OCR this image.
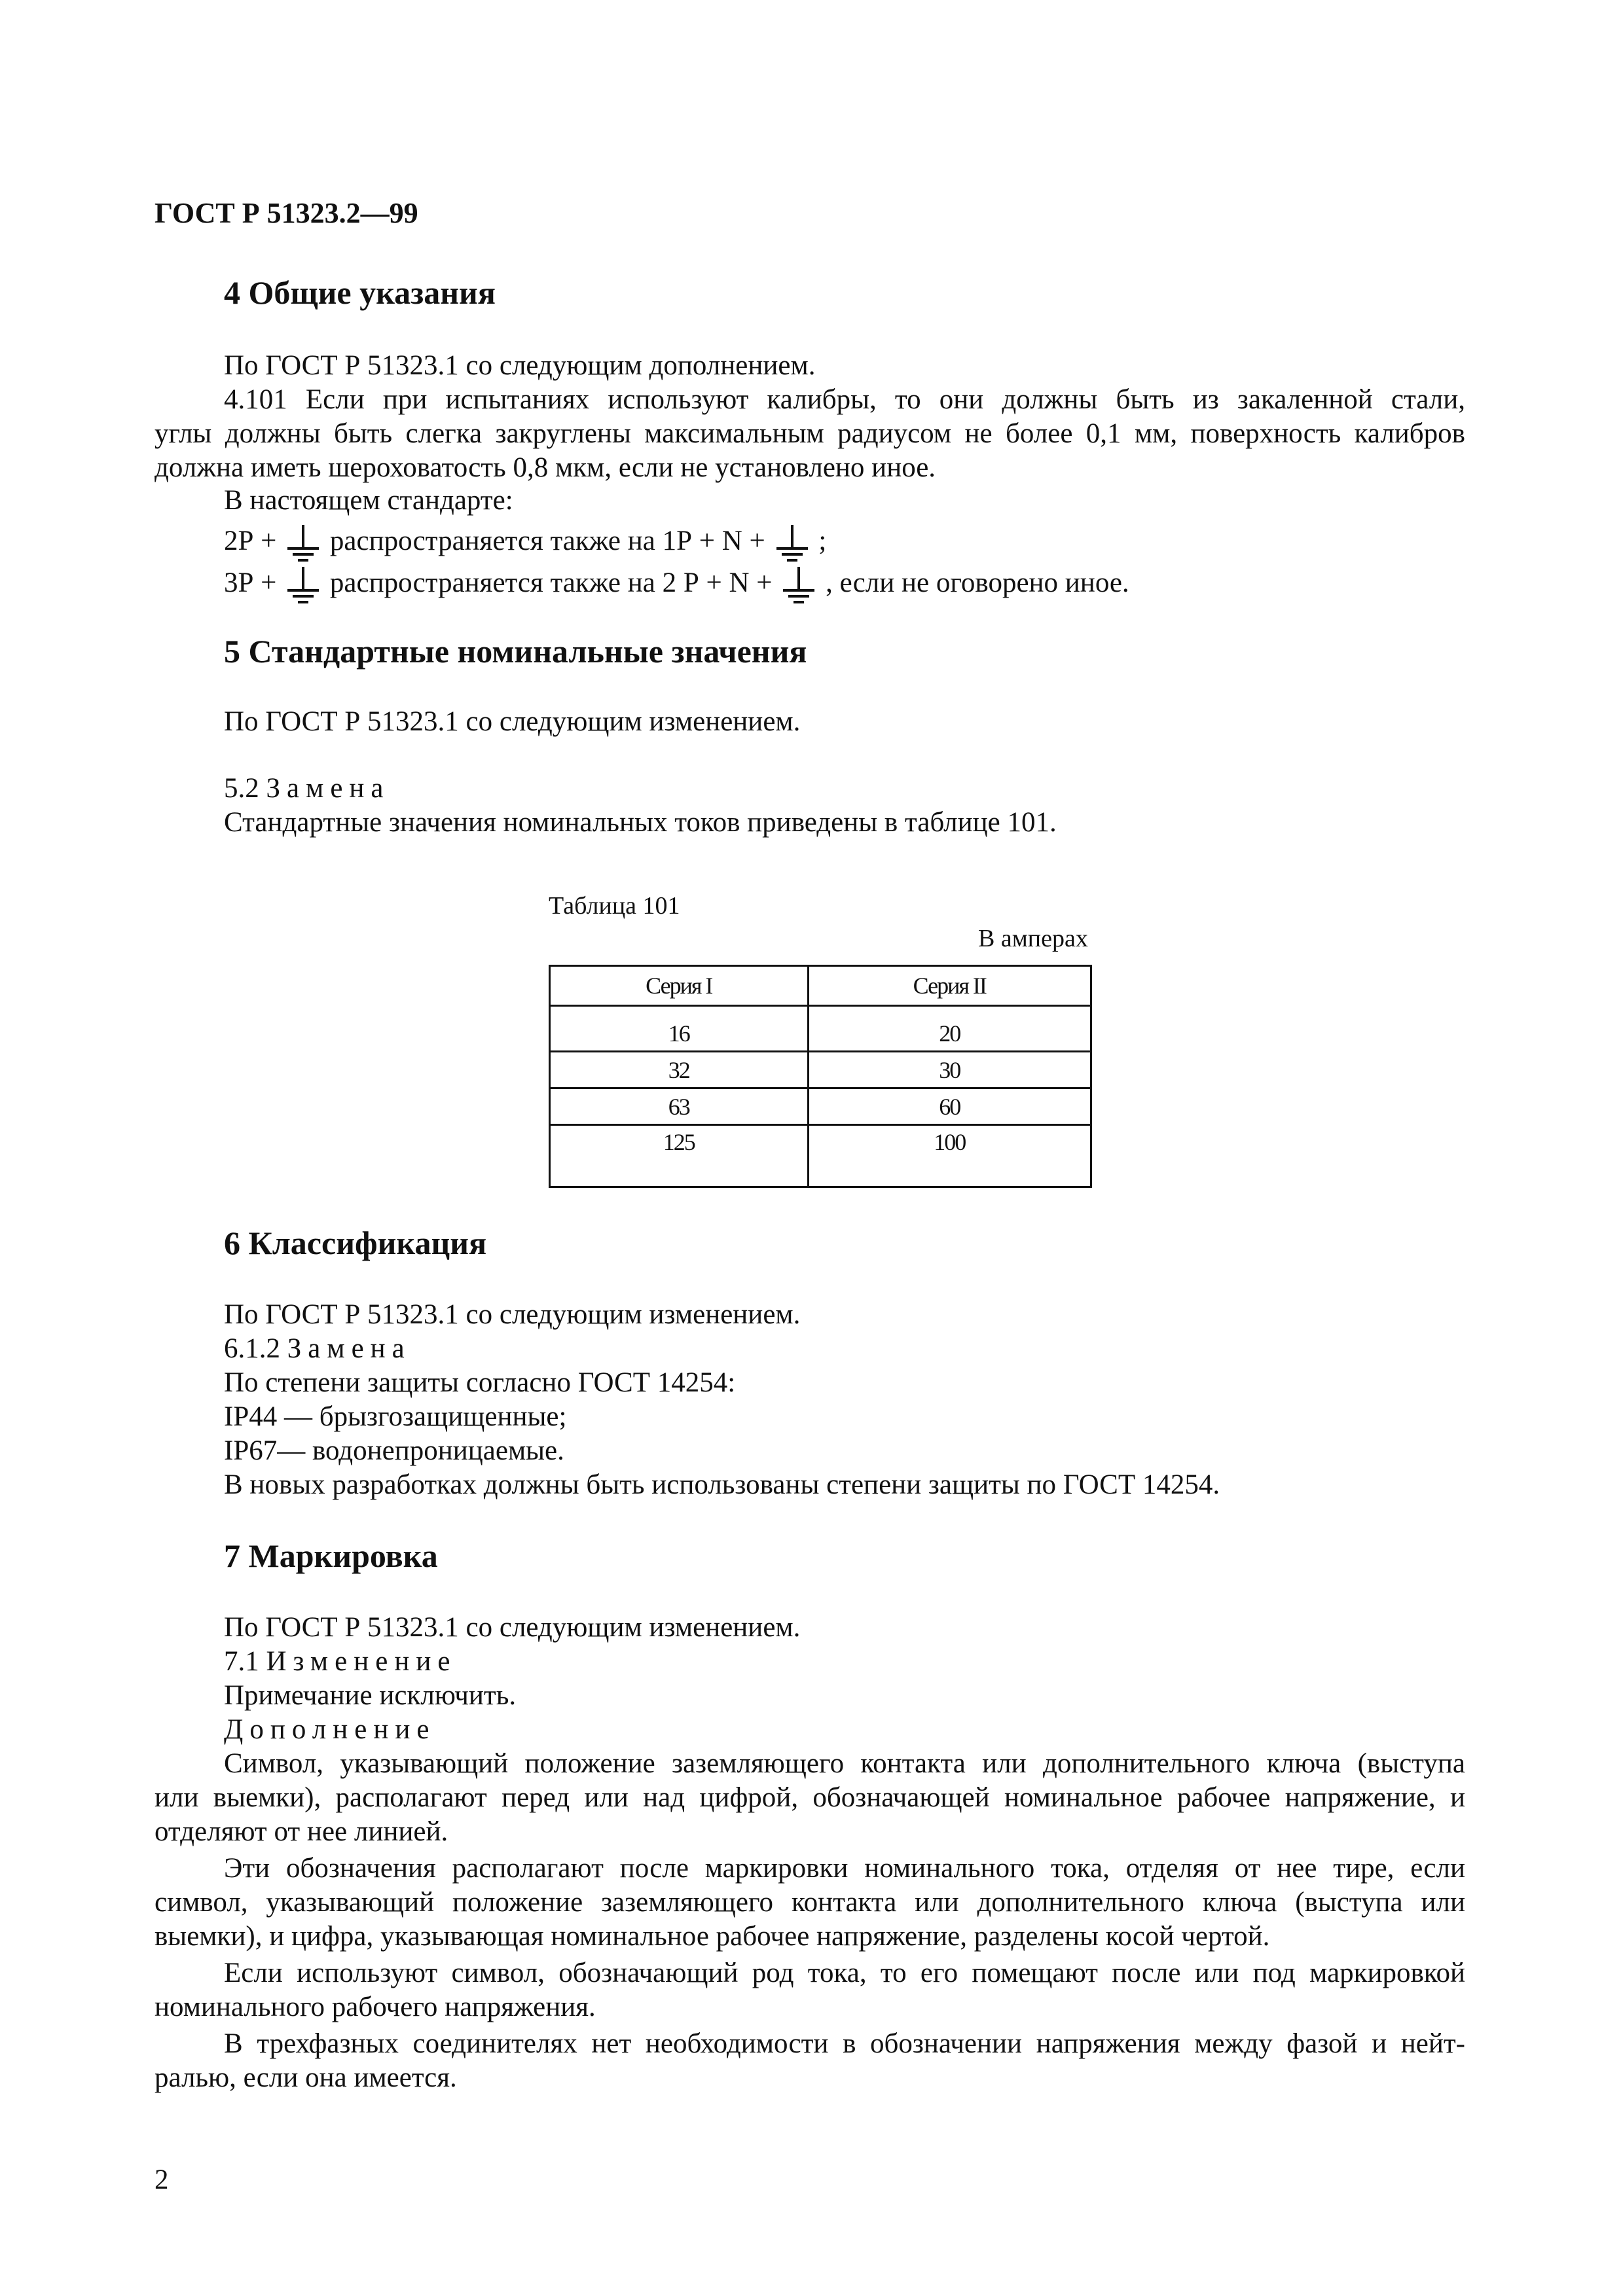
ГОСТ Р 51323.2—99
4 Общие указания
По ГОСТ Р 51323.1 со следующим дополнением.
4.101 Если при испытаниях используют калибры, то они должны быть из закаленной стали,
углы должны быть слегка закруглены максимальным радиусом не более 0,1 мм, поверхность калибров
должна иметь шероховатость 0,8 мкм, если не установлено иное.
В настоящем стандарте:
2Р + распространяется также на 1Р + N + ;
3Р + распространяется также на 2 Р + N + , если не оговорено иное.
5 Стандартные номинальные значения
По ГОСТ Р 51323.1 со следующим изменением.
5.2 Замена
Стандартные значения номинальных токов приведены в таблице 101.
Таблица 101
В амперах
Серия I	Серия II

16	20
32	30
63	60
125	100
6 Классификация
По ГОСТ Р 51323.1 со следующим изменением.
6.1.2 Замена
По степени защиты согласно ГОСТ 14254:
IP44 — брызгозащищенные;
IP67— водонепроницаемые.
В новых разработках должны быть использованы степени защиты по ГОСТ 14254.
7 Маркировка
По ГОСТ Р 51323.1 со следующим изменением.
7.1 Изменение
Примечание исключить.
Дополнение
Символ, указывающий положение заземляющего контакта или дополнительного ключа (выступа
или выемки), располагают перед или над цифрой, обозначающей номинальное рабочее напряжение, и
отделяют от нее линией.
Эти обозначения располагают после маркировки номинального тока, отделяя от нее тире, если
символ, указывающий положение заземляющего контакта или дополнительного ключа (выступа или
выемки), и цифра, указывающая номинальное рабочее напряжение, разделены косой чертой.
Если используют символ, обозначающий род тока, то его помещают после или под маркировкой
номинального рабочего напряжения.
В трехфазных соединителях нет необходимости в обозначении напряжения между фазой и нейт-
ралью, если она имеется.
2
